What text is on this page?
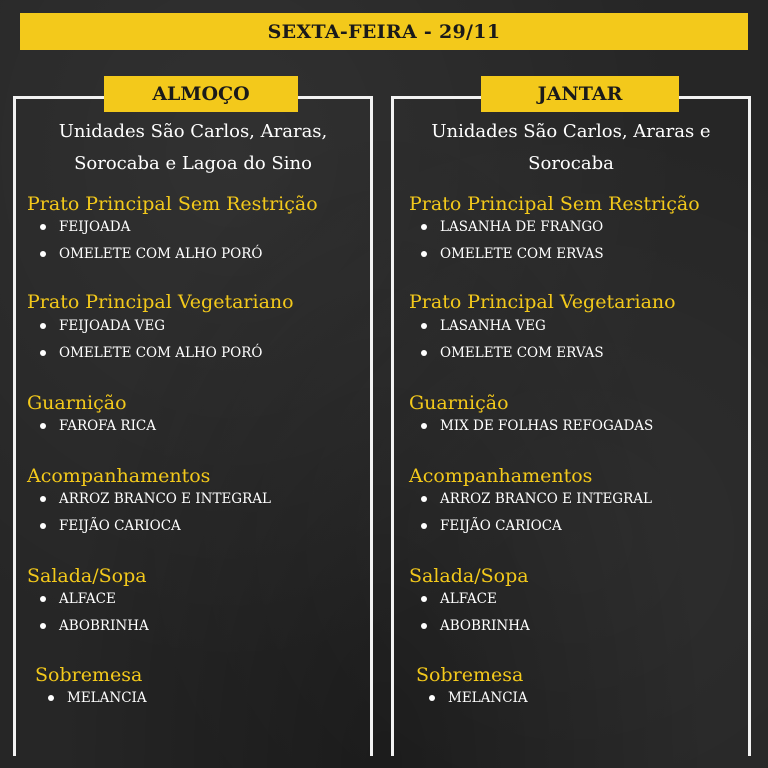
SEXTA-FEIRA - 29/11
ALMOÇO	JANTAR
Unidades São Carlos, Araras,
Sorocaba e Lagoa do Sino
Unidades São Carlos, Araras e
Sorocaba
Prato Principal Sem Restrição
FEIJOADA
OMELETE COM ALHO PORÓ
Prato Principal Vegetariano
FEIJOADA VEG
OMELETE COM ALHO PORÓ
Guarnição
FAROFA RICA
Acompanhamentos
ARROZ BRANCO E INTEGRAL
FEIJÃO CARIOCA
Salada/Sopa
ALFACE
ABOBRINHA
Sobremesa
MELANCIA
Prato Principal Sem Restrição
LASANHA DE FRANGO
OMELETE COM ERVAS
Prato Principal Vegetariano
LASANHA VEG
OMELETE COM ERVAS
Guarnição
MIX DE FOLHAS REFOGADAS
Acompanhamentos
ARROZ BRANCO E INTEGRAL
FEIJÃO CARIOCA
Salada/Sopa
ALFACE
ABOBRINHA
Sobremesa
MELANCIA
